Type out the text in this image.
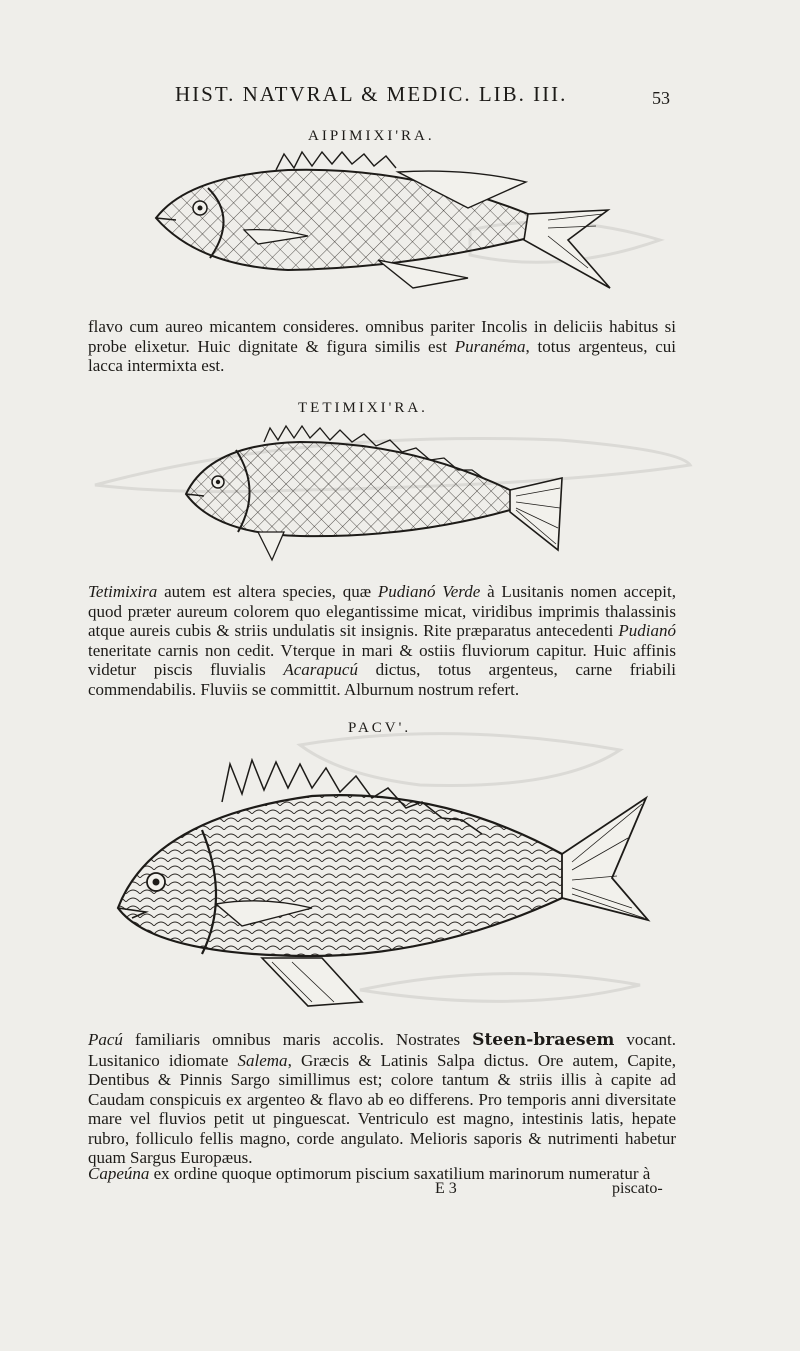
HIST. NATVRAL & MEDIC. LIB. III.	53
AIPIMIXI'RA.

flavo cum aureo micantem consideres. omnibus pariter Incolis in deliciis habitus si probe elixetur. Huic dignitate & figura similis est Puranéma, totus argenteus, cui lacca intermixta est.

TETIMIXI'RA.

Tetimixira autem est altera species, quæ Pudianó Verde à Lusitanis nomen accepit, quod præter aureum colorem quo elegantissime micat, viridibus imprimis thalassinis atque aureis cubis & striis undulatis sit insignis. Rite præparatus antecedenti Pudianó teneritate carnis non cedit. Vterque in mari & ostiis fluviorum capitur. Huic affinis videtur piscis fluvialis Acarapucú dictus, totus argenteus, carne friabili commendabilis. Fluviis se committit. Alburnum nostrum refert.

PACV'.

Pacú familiaris omnibus maris accolis. Nostrates Steen-braesem vocant. Lusitanico idiomate Salema, Græcis & Latinis Salpa dictus. Ore autem, Capite, Dentibus & Pinnis Sargo simillimus est; colore tantum & striis illis à capite ad Caudam conspicuis ex argenteo & flavo ab eo differens. Pro temporis anni diversitate mare vel fluvios petit ut pinguescat. Ventriculo est magno, intestinis latis, hepate rubro, folliculo fellis magno, corde angulato. Melioris saporis & nutrimenti habetur quam Sargus Europæus.

Capeúna ex ordine quoque optimorum piscium saxatilium marinorum numeratur à

E 3	piscato-
